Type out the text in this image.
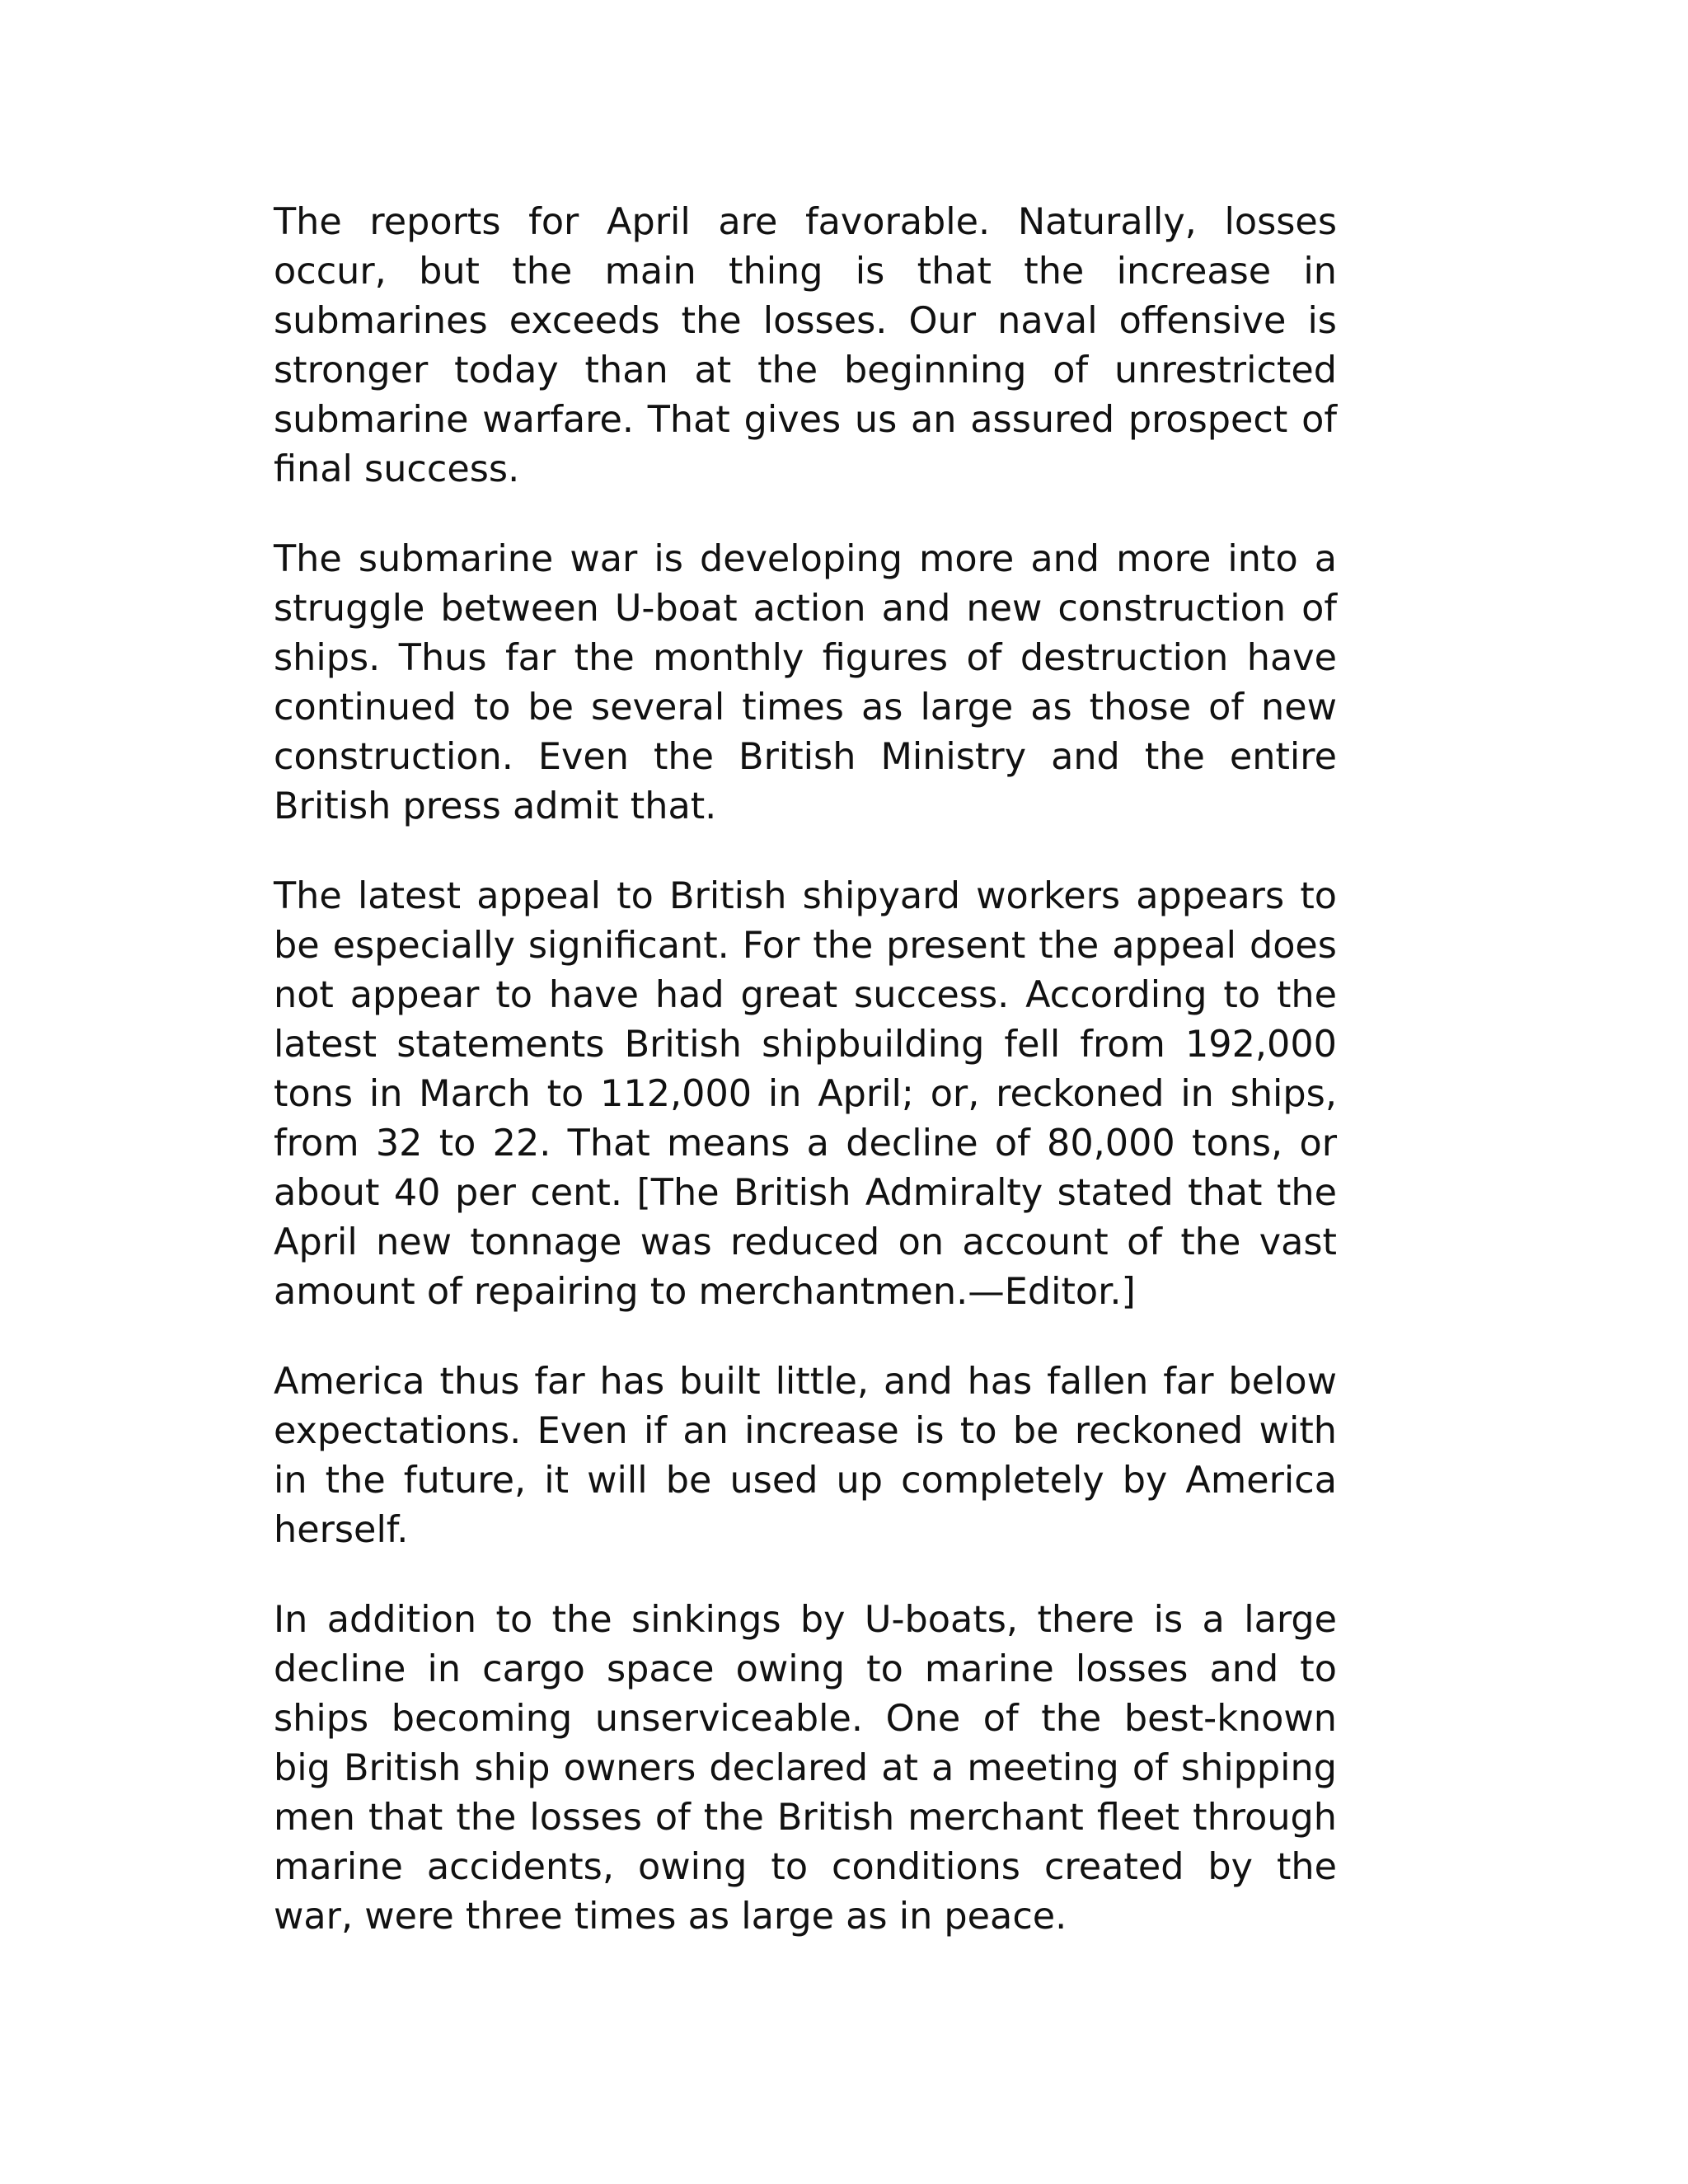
The reports for April are favorable. Naturally, losses occur, but the main thing is that the increase in submarines exceeds the losses. Our naval offensive is stronger today than at the beginning of unrestricted submarine warfare. That gives us an assured prospect of final success.

The submarine war is developing more and more into a struggle between U-boat action and new construction of ships. Thus far the monthly figures of destruction have continued to be several times as large as those of new construction. Even the British Ministry and the entire British press admit that.

The latest appeal to British shipyard workers appears to be especially significant. For the present the appeal does not appear to have had great success. According to the latest statements British shipbuilding fell from 192,000 tons in March to 112,000 in April; or, reckoned in ships, from 32 to 22. That means a decline of 80,000 tons, or about 40 per cent. [The British Admiralty stated that the April new tonnage was reduced on account of the vast amount of repairing to merchantmen.—Editor.]

America thus far has built little, and has fallen far below expectations. Even if an increase is to be reckoned with in the future, it will be used up completely by America herself.

In addition to the sinkings by U-boats, there is a large decline in cargo space owing to marine losses and to ships becoming unserviceable. One of the best-known big British ship owners declared at a meeting of shipping men that the losses of the British merchant fleet through marine accidents, owing to conditions created by the war, were three times as large as in peace.
